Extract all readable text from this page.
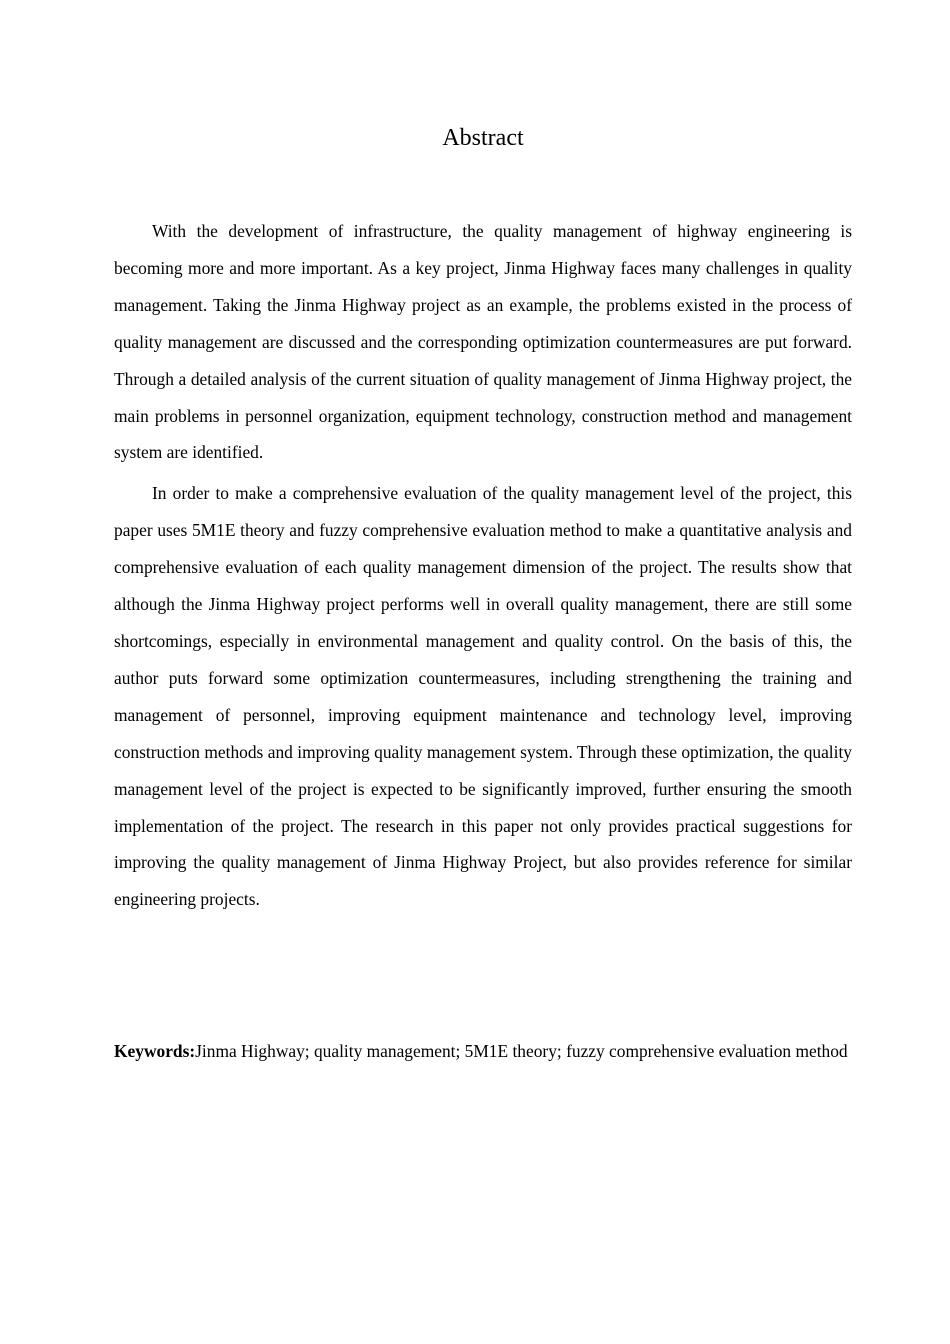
Abstract

With the development of infrastructure, the quality management of highway engineering is becoming more and more important. As a key project, Jinma Highway faces many challenges in quality management. Taking the Jinma Highway project as an example, the problems existed in the process of quality management are discussed and the corresponding optimization countermeasures are put forward. Through a detailed analysis of the current situation of quality management of Jinma Highway project, the main problems in personnel organization, equipment technology, construction method and management system are identified.

In order to make a comprehensive evaluation of the quality management level of the project, this paper uses 5M1E theory and fuzzy comprehensive evaluation method to make a quantitative analysis and comprehensive evaluation of each quality management dimension of the project. The results show that although the Jinma Highway project performs well in overall quality management, there are still some shortcomings, especially in environmental management and quality control. On the basis of this, the author puts forward some optimization countermeasures, including strengthening the training and management of personnel, improving equipment maintenance and technology level, improving construction methods and improving quality management system. Through these optimization, the quality management level of the project is expected to be significantly improved, further ensuring the smooth implementation of the project. The research in this paper not only provides practical suggestions for improving the quality management of Jinma Highway Project, but also provides reference for similar engineering projects.

Keywords:Jinma Highway; quality management; 5M1E theory; fuzzy comprehensive evaluation method
